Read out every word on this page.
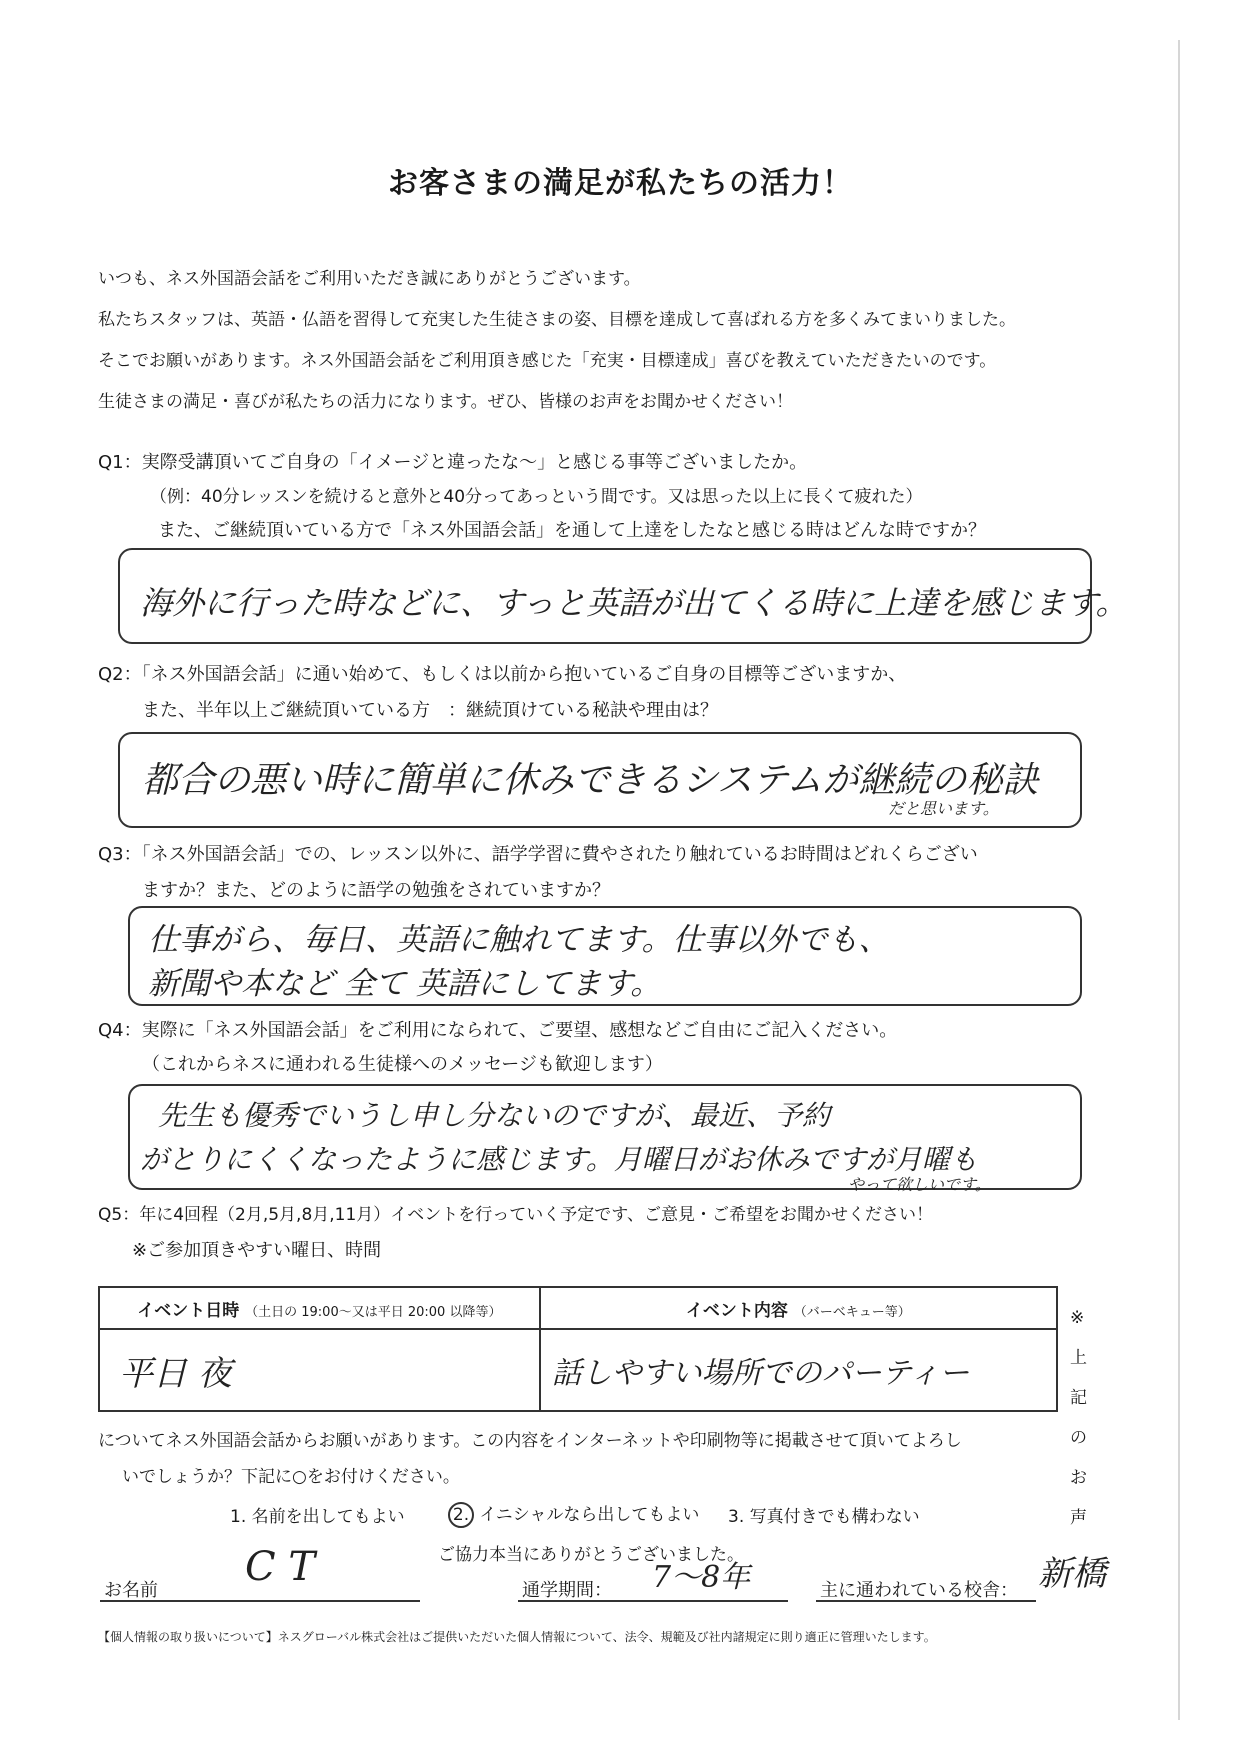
お客さまの満足が私たちの活力！
いつも、ネス外国語会話をご利用いただき誠にありがとうございます。
私たちスタッフは、英語・仏語を習得して充実した生徒さまの姿、目標を達成して喜ばれる方を多くみてまいりました。
そこでお願いがあります。ネス外国語会話をご利用頂き感じた「充実・目標達成」喜びを教えていただきたいのです。
生徒さまの満足・喜びが私たちの活力になります。ぜひ、皆様のお声をお聞かせください！
Q1：実際受講頂いてご自身の「イメージと違ったな～」と感じる事等ございましたか。
（例：40分レッスンを続けると意外と40分ってあっという間です。又は思った以上に長くて疲れた）
また、ご継続頂いている方で「ネス外国語会話」を通して上達をしたなと感じる時はどんな時ですか？
海外に行った時などに、すっと英語が出てくる時に上達を感じます。
Q2：「ネス外国語会話」に通い始めて、もしくは以前から抱いているご自身の目標等ございますか、
また、半年以上ご継続頂いている方　：継続頂けている秘訣や理由は？
都合の悪い時に簡単に休みできるシステムが継続の秘訣
だと思います。
Q3：「ネス外国語会話」での、レッスン以外に、語学学習に費やされたり触れているお時間はどれくらござい
ますか？また、どのように語学の勉強をされていますか？
仕事がら、毎日、英語に触れてます。仕事以外でも、
新聞や本など 全て 英語にしてます。
Q4：実際に「ネス外国語会話」をご利用になられて、ご要望、感想などご自由にご記入ください。
（これからネスに通われる生徒様へのメッセージも歓迎します）
先生も優秀でいうし申し分ないのですが、最近、予約
がとりにくくなったように感じます。月曜日がお休みですが月曜も
やって欲しいです。
Q5：年に4回程（2月,5月,8月,11月）イベントを行っていく予定です、ご意見・ご希望をお聞かせください！
※ご参加頂きやすい曜日、時間
イベント日時 （土日の 19:00～又は平日 20:00 以降等）	イベント内容 （バーベキュー等）
平日 夜	話しやすい場所でのパーティー
※上記のお声
についてネス外国語会話からお願いがあります。この内容をインターネットや印刷物等に掲載させて頂いてよろし
いでしょうか？下記に○をお付けください。
1. 名前を出してもよい	2. イニシャルなら出してもよい 3. 写真付きでも構わない
ご協力本当にありがとうございました。
お名前
C T
通学期間： 7～8年	主に通われている校舎： 新橋
【個人情報の取り扱いについて】ネスグローバル株式会社はご提供いただいた個人情報について、法令、規範及び社内諸規定に則り適正に管理いたします。
